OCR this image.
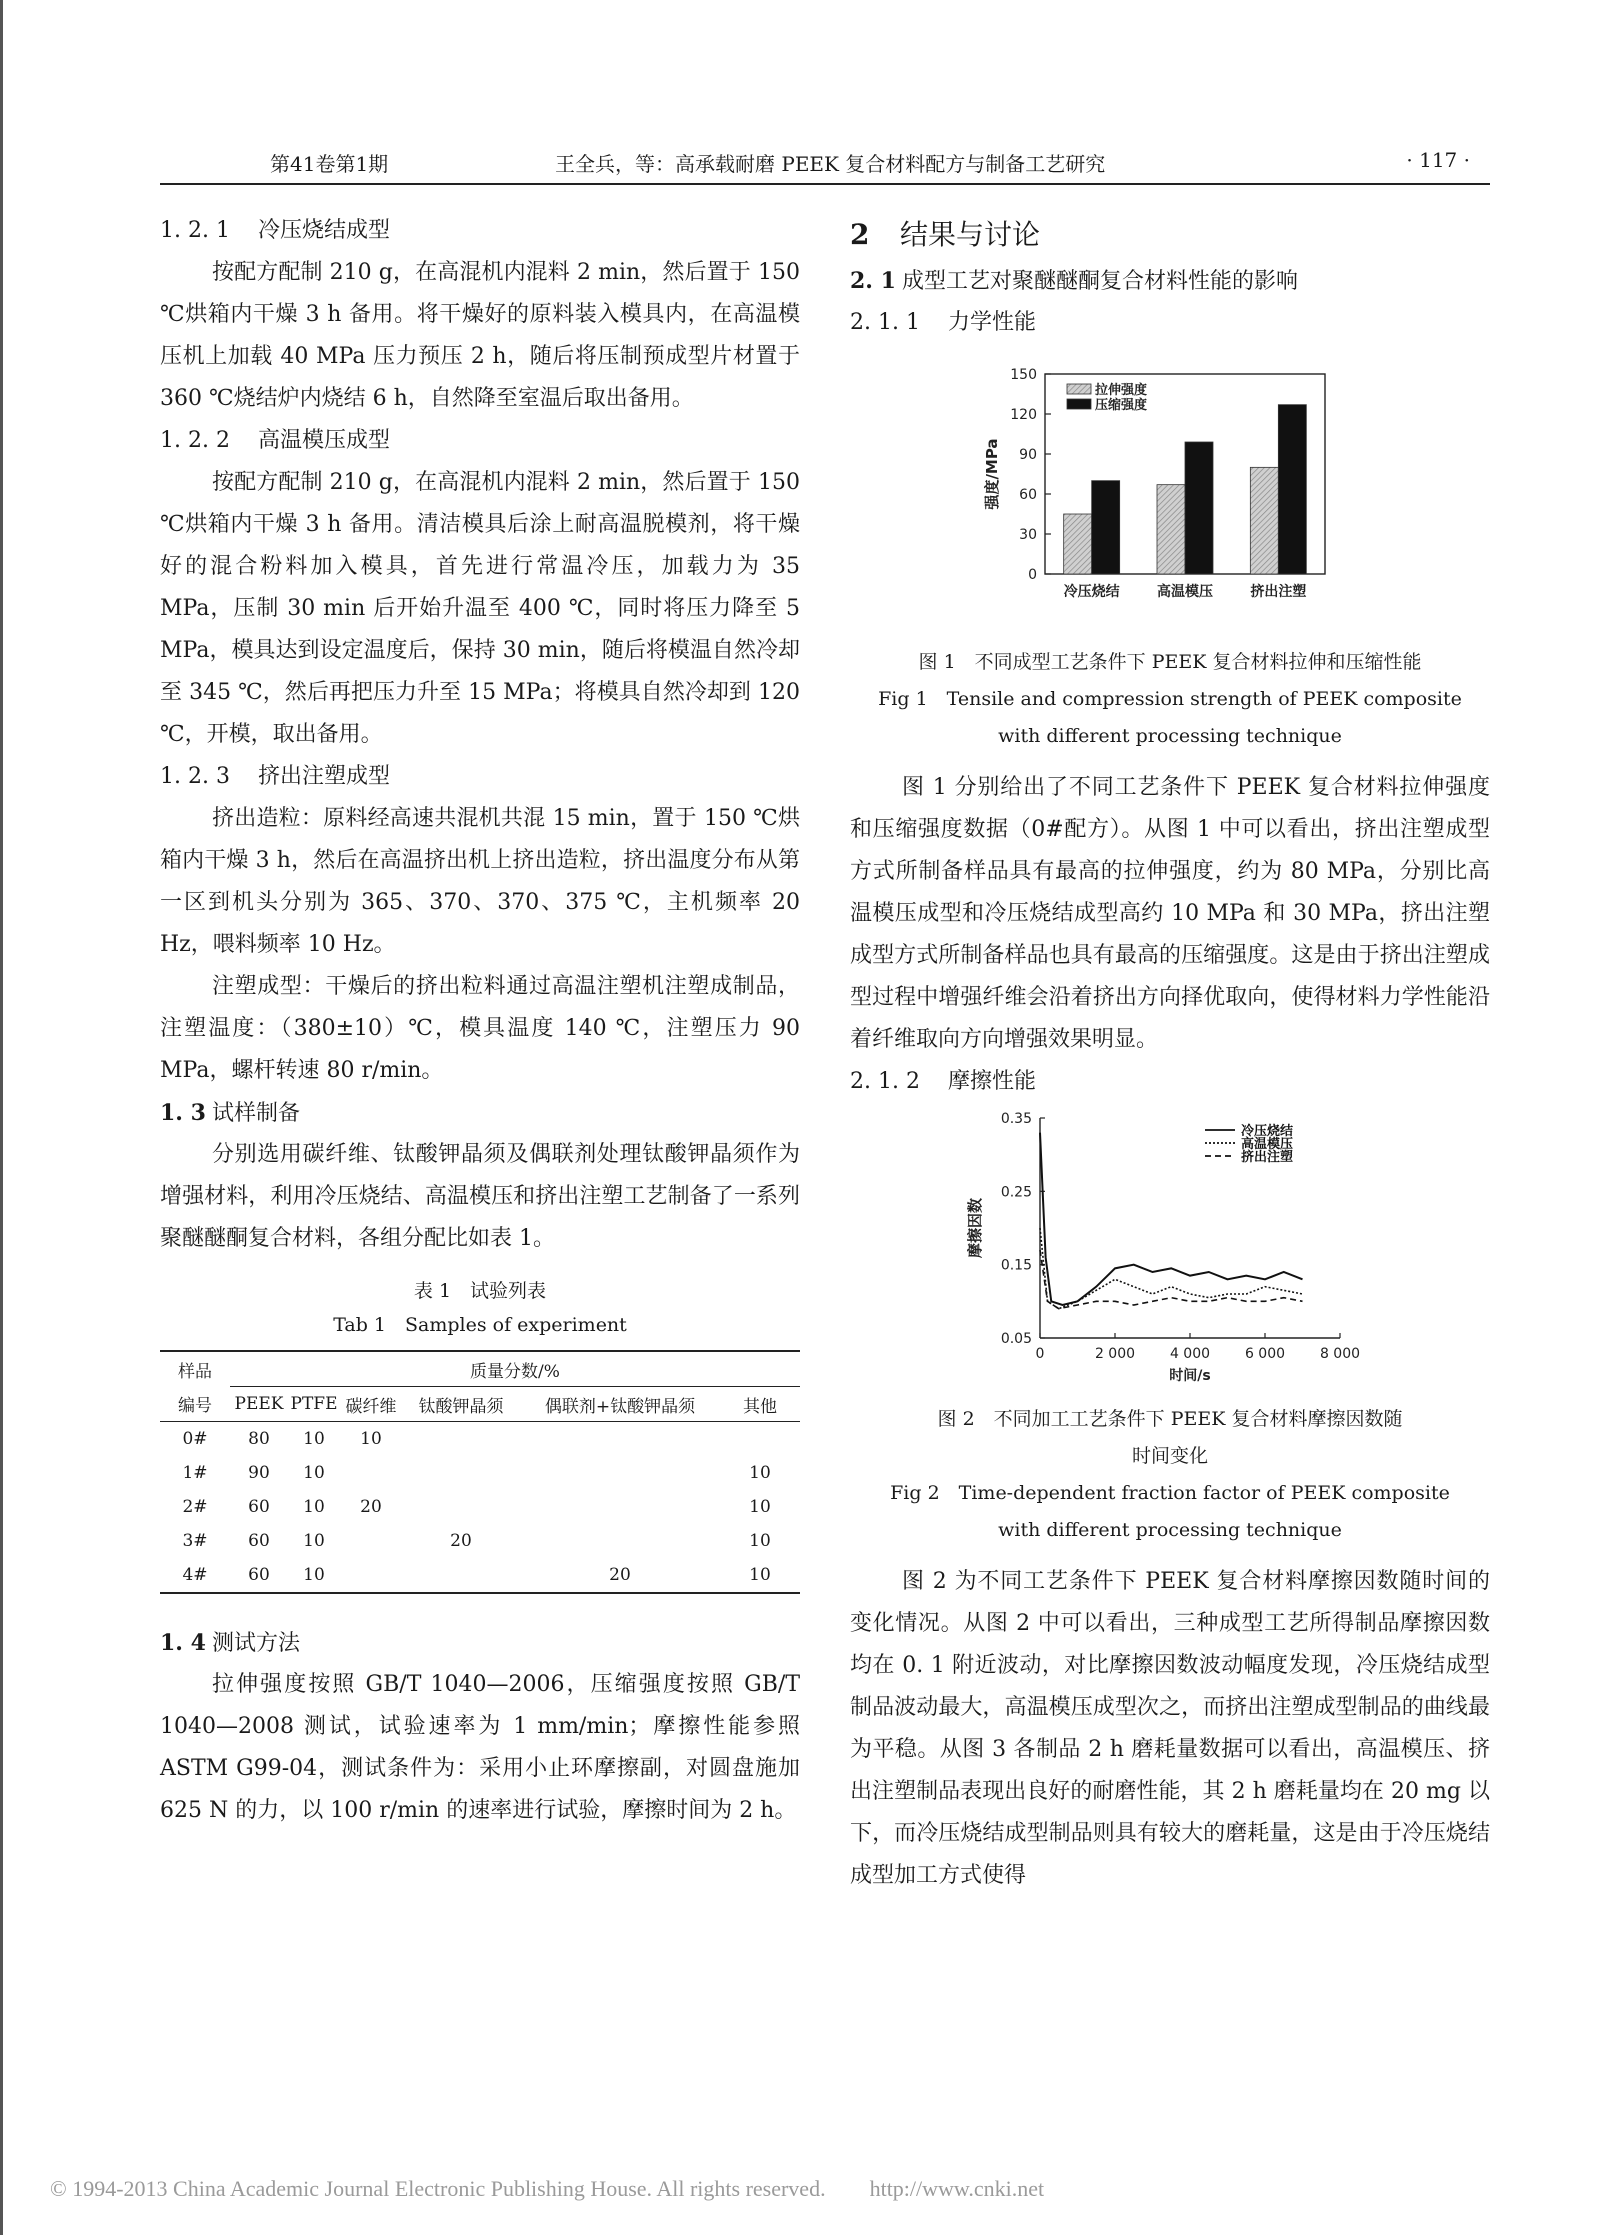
第41卷第1期	王全兵，等：高承载耐磨 PEEK 复合材料配方与制备工艺研究	· 117 ·
1. 2. 1 冷压烧结成型

按配方配制 210 g，在高混机内混料 2 min，然后置于 150 ℃烘箱内干燥 3 h 备用。将干燥好的原料装入模具内，在高温模压机上加载 40 MPa 压力预压 2 h，随后将压制预成型片材置于 360 ℃烧结炉内烧结 6 h，自然降至室温后取出备用。

1. 2. 2 高温模压成型

按配方配制 210 g，在高混机内混料 2 min，然后置于 150 ℃烘箱内干燥 3 h 备用。清洁模具后涂上耐高温脱模剂，将干燥好的混合粉料加入模具，首先进行常温冷压，加载力为 35 MPa，压制 30 min 后开始升温至 400 ℃，同时将压力降至 5 MPa，模具达到设定温度后，保持 30 min，随后将模温自然冷却至 345 ℃，然后再把压力升至 15 MPa；将模具自然冷却到 120 ℃，开模，取出备用。

1. 2. 3 挤出注塑成型

挤出造粒：原料经高速共混机共混 15 min，置于 150 ℃烘箱内干燥 3 h，然后在高温挤出机上挤出造粒，挤出温度分布从第一区到机头分别为 365、370、370、375 ℃，主机频率 20 Hz，喂料频率 10 Hz。

注塑成型：干燥后的挤出粒料通过高温注塑机注塑成制品，注塑温度：（380±10）℃，模具温度 140 ℃，注塑压力 90 MPa，螺杆转速 80 r/min。

1. 3 试样制备

分别选用碳纤维、钛酸钾晶须及偶联剂处理钛酸钾晶须作为增强材料，利用冷压烧结、高温模压和挤出注塑工艺制备了一系列聚醚醚酮复合材料，各组分配比如表 1。

表 1　试验列表
Tab 1　Samples of experiment
样品	质量分数/%					
编号	PEEK	PTFE	碳纤维	钛酸钾晶须	偶联剂+钛酸钾晶须	其他
0#	80	10	10			
1#	90	10				10
2#	60	10	20			10
3#	60	10		20		10
4#	60	10			20	10
1. 4 测试方法

拉伸强度按照 GB/T 1040—2006，压缩强度按照 GB/T 1040—2008 测试，试验速率为 1 mm/min；摩擦性能参照 ASTM G99-04，测试条件为：采用小止环摩擦副，对圆盘施加 625 N 的力，以 100 r/min 的速率进行试验，摩擦时间为 2 h。

2 结果与讨论
2. 1 成型工艺对聚醚醚酮复合材料性能的影响
2. 1. 1 力学性能
0
30
60
90
120
150
强度/MPa
冷压烧结	高温模压	挤出注塑
拉伸强度
压缩强度
图 1　不同成型工艺条件下 PEEK 复合材料拉伸和压缩性能
Fig 1　Tensile and compression strength of PEEK composite
with different processing technique

图 1 分别给出了不同工艺条件下 PEEK 复合材料拉伸强度和压缩强度数据（0#配方）。从图 1 中可以看出，挤出注塑成型方式所制备样品具有最高的拉伸强度，约为 80 MPa，分别比高温模压成型和冷压烧结成型高约 10 MPa 和 30 MPa，挤出注塑成型方式所制备样品也具有最高的压缩强度。这是由于挤出注塑成型过程中增强纤维会沿着挤出方向择优取向，使得材料力学性能沿着纤维取向方向增强效果明显。

2. 1. 2 摩擦性能
0.05
0.15
0.25
0.35
0	2 000 4 000 6 000 8 000
时间/s
摩擦因数
冷压烧结
高温模压
挤出注塑
图 2　不同加工工艺条件下 PEEK 复合材料摩擦因数随
时间变化
Fig 2　Time-dependent fraction factor of PEEK composite
with different processing technique

图 2 为不同工艺条件下 PEEK 复合材料摩擦因数随时间的变化情况。从图 2 中可以看出，三种成型工艺所得制品摩擦因数均在 0. 1 附近波动，对比摩擦因数波动幅度发现，冷压烧结成型制品波动最大，高温模压成型次之，而挤出注塑成型制品的曲线最为平稳。从图 3 各制品 2 h 磨耗量数据可以看出，高温模压、挤出注塑制品表现出良好的耐磨性能，其 2 h 磨耗量均在 20 mg 以下，而冷压烧结成型制品则具有较大的磨耗量，这是由于冷压烧结成型加工方式使得

© 1994-2013 China Academic Journal Electronic Publishing House. All rights reserved.　　http://www.cnki.net
